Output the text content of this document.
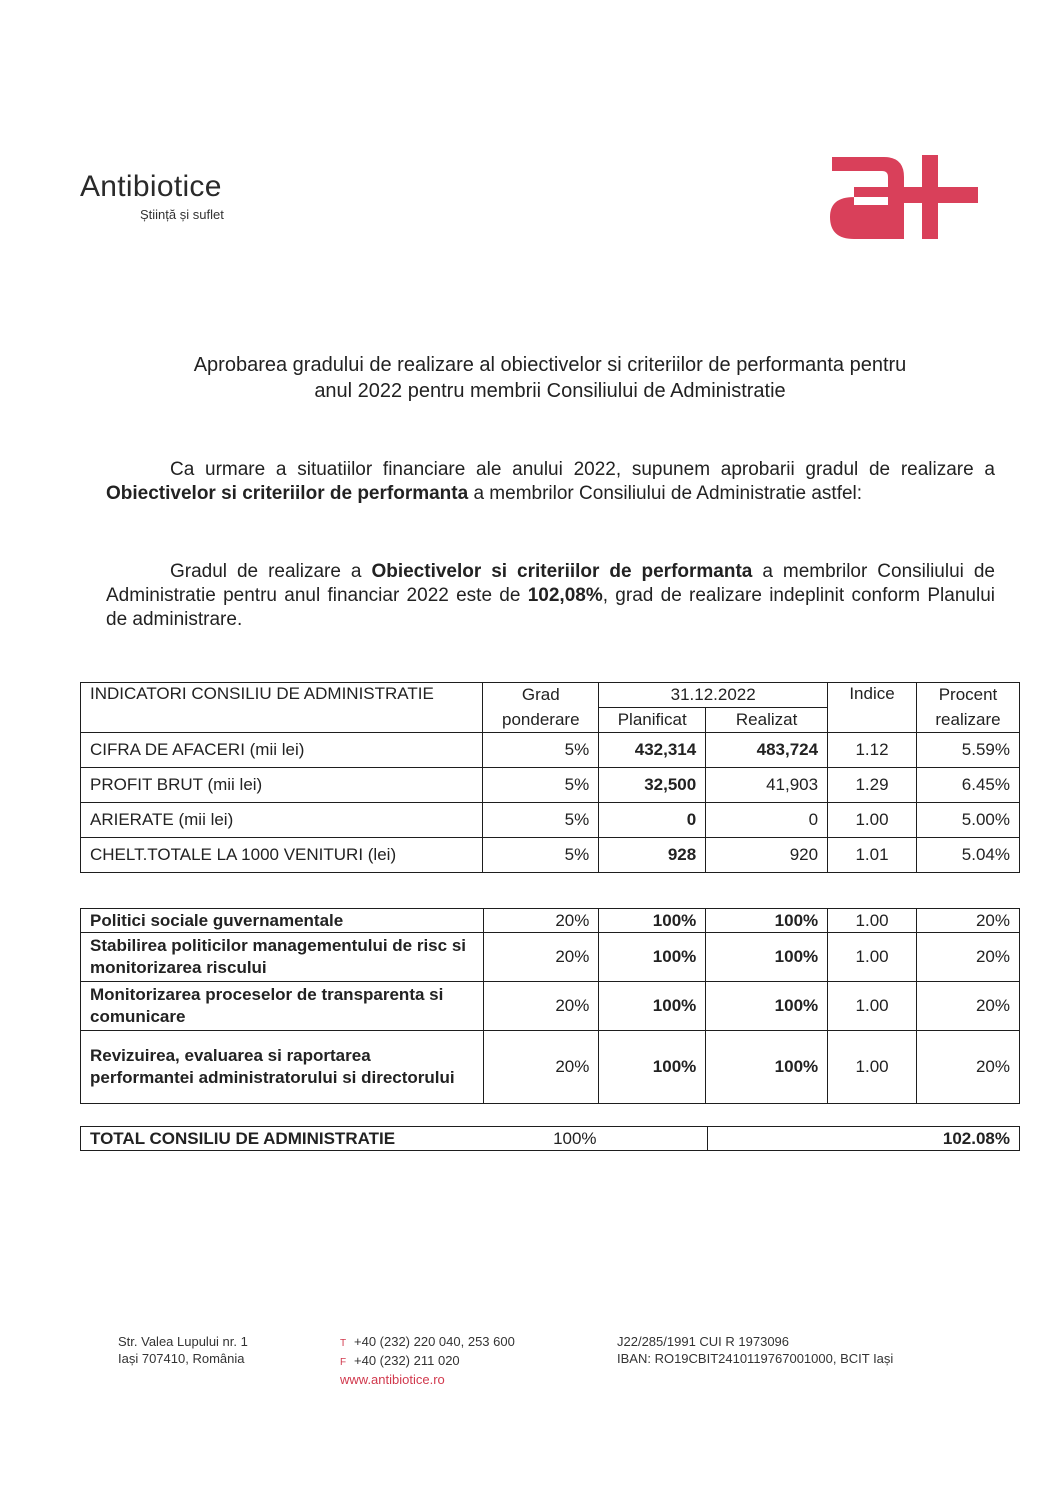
Antibiotice
Știință și suflet
Aprobarea gradului de realizare al obiectivelor si criteriilor de performanta pentru
anul 2022 pentru membrii Consiliului de Administratie
Ca urmare a situatiilor financiare ale anului 2022, supunem aprobarii gradul de realizare a Obiectivelor si criteriilor de performanta a membrilor Consiliului de Administratie astfel:
Gradul de realizare a Obiectivelor si criteriilor de performanta a membrilor Consiliului de Administratie pentru anul financiar 2022 este de 102,08%, grad de realizare indeplinit conform Planului de administrare.
INDICATORI CONSILIU DE ADMINISTRATIE	Grad	31.12.2022		Indice	Procent
	ponderare	Planificat	Realizat		realizare
CIFRA DE AFACERI (mii lei)	5%	432,314	483,724	1.12	5.59%
PROFIT BRUT (mii lei)	5%	32,500	41,903	1.29	6.45%
ARIERATE (mii lei)	5%	0	0	1.00	5.00%
CHELT.TOTALE LA 1000 VENITURI (lei)	5%	928	920	1.01	5.04%
Politici sociale guvernamentale	20%	100%	100%	1.00	20%
Stabilirea politicilor managementului de risc si monitorizarea riscului	20%	100%	100%	1.00	20%
Monitorizarea proceselor de transparenta si comunicare	20%	100%	100%	1.00	20%
Revizuirea, evaluarea si raportarea performantei administratorului si directorului	20%	100%	100%	1.00	20%
TOTAL CONSILIU DE ADMINISTRATIE	100%	102.08%
Str. Valea Lupului nr. 1
Iași 707410, România
T +40 (232) 220 040, 253 600
F +40 (232) 211 020
www.antibiotice.ro
J22/285/1991 CUI R 1973096
IBAN: RO19CBIT241011976700100​0, BCIT Iași
